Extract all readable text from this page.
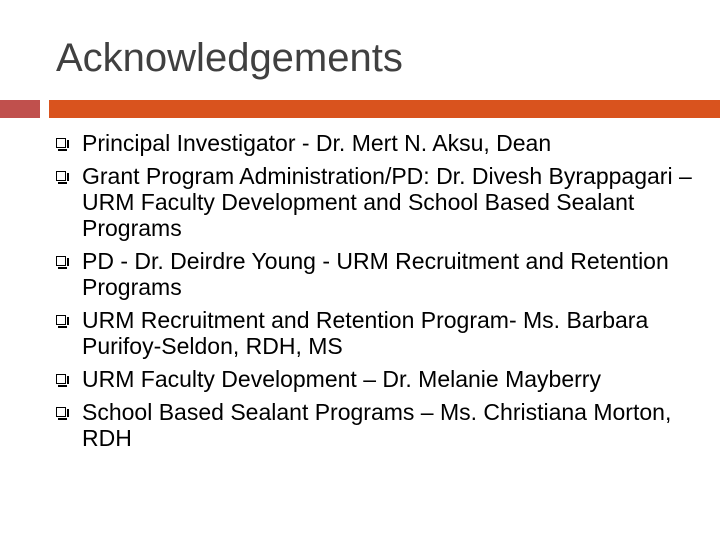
Acknowledgements
Principal Investigator - Dr. Mert N. Aksu, Dean
Grant Program Administration/PD: Dr. Divesh Byrappagari – URM Faculty Development and School Based Sealant Programs
PD - Dr. Deirdre Young - URM Recruitment and Retention Programs
URM Recruitment and Retention Program- Ms. Barbara Purifoy-Seldon, RDH, MS
URM Faculty Development – Dr. Melanie Mayberry
School Based Sealant Programs – Ms. Christiana Morton, RDH
